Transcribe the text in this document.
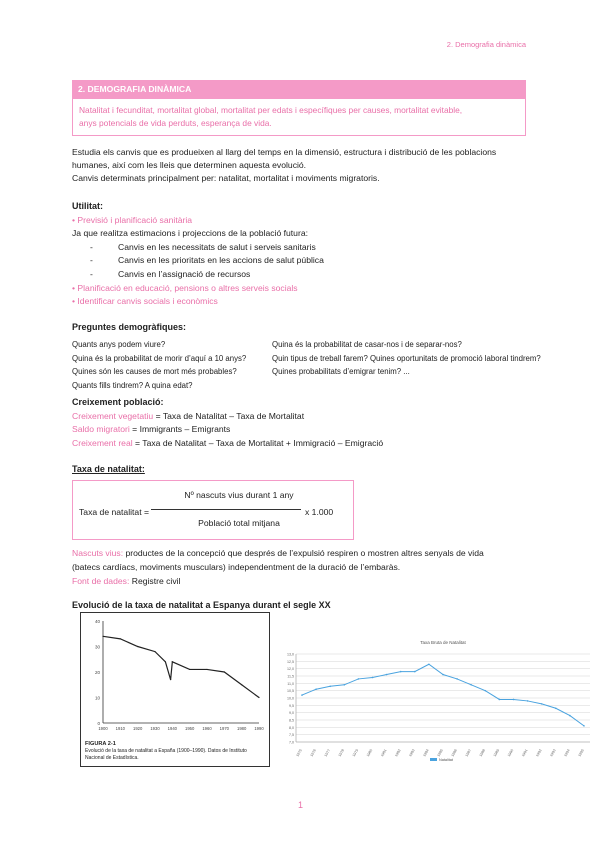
2. Demografia dinàmica
2. DEMOGRAFIA DINÀMICA
Natalitat i fecunditat, mortalitat global, mortalitat per edats i específiques per causes, mortalitat evitable,
anys potencials de vida perduts, esperança de vida.

Estudia els canvis que es produeixen al llarg del temps en la dimensió, estructura i distribució de les poblacions

humanes, així com les lleis que determinen aquesta evolució.

Canvis determinats principalment per: natalitat, mortalitat i moviments migratoris.

Utilitat:
• Previsió i planificació sanitària
Ja que realitza estimacions i projeccions de la població futura:
-	Canvis en les necessitats de salut i serveis sanitaris
-	Canvis en les prioritats en les accions de salut pública
-	Canvis en l’assignació de recursos
• Planificació en educació, pensions o altres serveis socials
• Identificar canvis socials i econòmics
Preguntes demogràfiques:
Quants anys podem viure?
Quina és la probabilitat de morir d’aquí a 10 anys?
Quines són les causes de mort més probables?
Quants fills tindrem? A quina edat?
Quina és la probabilitat de casar-nos i de separar-nos?
Quin tipus de treball farem? Quines oportunitats de promoció laboral tindrem?
Quines probabilitats d’emigrar tenim? ...
Creixement població:
Creixement vegetatiu = Taxa de Natalitat – Taxa de Mortalitat
Saldo migratori = Immigrants – Emigrants
Creixement real = Taxa de Natalitat – Taxa de Mortalitat + Immigració – Emigració
Taxa de natalitat:
Taxa de natalitat =
Nº nascuts vius durant 1 any
Població total mitjana
x 1.000
Nascuts vius: productes de la concepció que després de l’expulsió respiren o mostren altres senyals de vida
(batecs cardíacs, moviments musculars) independentment de la duració de l’embaràs.
Font de dades: Registre civil
Evolució de la taxa de natalitat a Espanya durant el segle XX
0
10
20
30
40
1900 1910 1920 1930 1940 1950 1960 1970 1980 1990
FIGURA 2-1
Evolució de la taxa de natalitat a España (1900–1990). Datos de Instituto
Nacional de Estadística.
Taxa Bruta de Natalitat
13,0
12,5
12,0
11,5
11,0
10,5
10,0
9,5
9,0
8,5
8,0
7,5
7,0
1975 1976 1977 1978 1979 1980 1981 1982 1983 1984 1985 1986 1987 1988 1989 1990 1991 1992 1993 1994 1995
Natalitat
1
